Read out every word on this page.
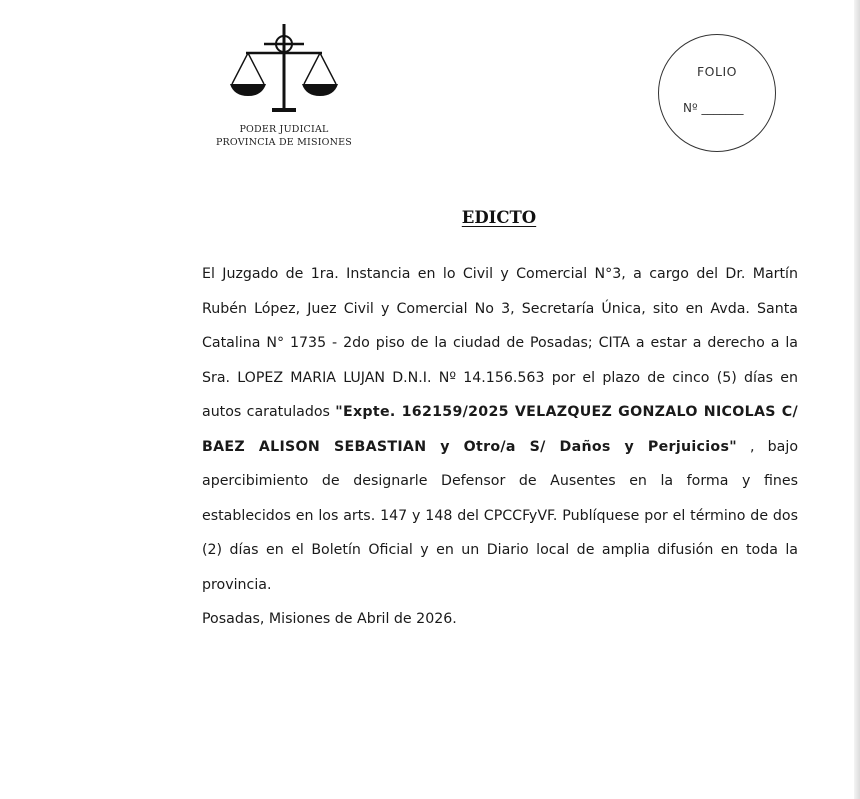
PODER JUDICIAL
PROVINCIA DE MISIONES
FOLIO
Nº _______
EDICTO
El Juzgado de 1ra. Instancia en lo Civil y Comercial N°3, a cargo del Dr. Martín Rubén López, Juez Civil y Comercial No 3, Secretaría Única, sito en Avda. Santa Catalina N° 1735 - 2do piso de la ciudad de Posadas; CITA a estar a derecho a la Sra. LOPEZ MARIA LUJAN D.N.I. Nº 14.156.563 por el plazo de cinco (5) días en autos caratulados "Expte. 162159/2025 VELAZQUEZ GONZALO NICOLAS C/ BAEZ ALISON SEBASTIAN y Otro/a S/ Daños y Perjuicios" , bajo apercibimiento de designarle Defensor de Ausentes en la forma y fines establecidos en los arts. 147 y 148 del CPCCFyVF. Publíquese por el término de dos (2) días en el Boletín Oficial y en un Diario local de amplia difusión en toda la provincia.
Posadas, Misiones de Abril de 2026.
